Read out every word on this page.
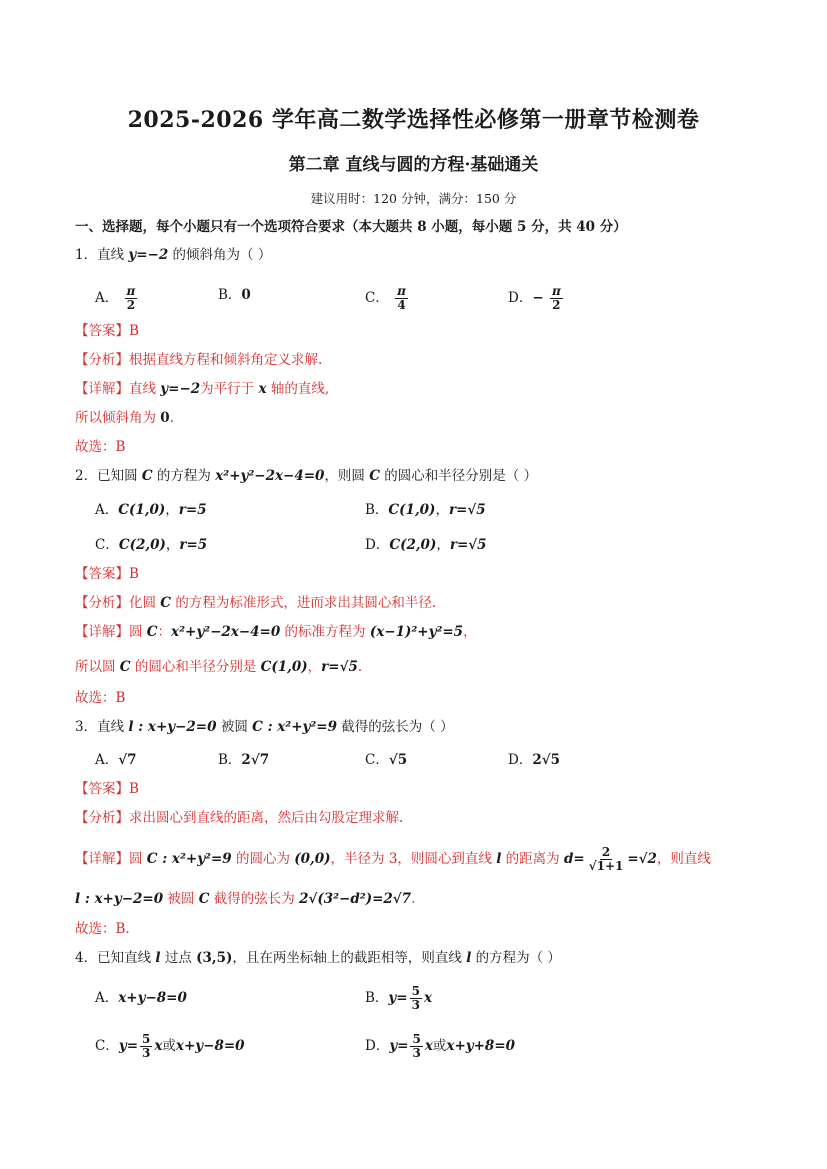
2025-2026 学年高二数学选择性必修第一册章节检测卷
第二章 直线与圆的方程·基础通关
建议用时：120 分钟，满分：150 分
一、选择题，每个小题只有一个选项符合要求（本大题共 8 小题，每小题 5 分，共 40 分）
1．直线 y=−2 的倾斜角为（ ）
A． $\frac{\pi}{2}$	B．0	C． $\frac{\pi}{4}$	D．− $\frac{\pi}{2}$
【答案】B
【分析】根据直线方程和倾斜角定义求解.
【详解】直线 y=−2为平行于 x 轴的直线,
所以倾斜角为 0.
故选：B
2．已知圆 C 的方程为 x²+y²−2x−4=0，则圆 C 的圆心和半径分别是（ ）
A．C(1,0)，r=5	B．C(1,0)，r=√5
C．C(2,0)，r=5	D．C(2,0)，r=√5
【答案】B
【分析】化圆 C 的方程为标准形式，进而求出其圆心和半径.
【详解】圆 C：x²+y²−2x−4=0 的标准方程为 (x−1)²+y²=5，
所以圆 C 的圆心和半径分别是 C(1,0)，r=√5.
故选：B
3．直线 l : x+y−2=0 被圆 C : x²+y²=9 截得的弦长为（ ）
A．√7	B．2√7	C．√5	D．2√5
【答案】B
【分析】求出圆心到直线的距离，然后由勾股定理求解.
【详解】圆 C : x²+y²=9 的圆心为 (0,0)，半径为 3，则圆心到直线 l 的距离为 $d= \frac{2}{√1+1} =√2$，则直线
l : x+y−2=0 被圆 C 截得的弦长为 2√(3²−d²)=2√7.
故选：B.
4．已知直线 l 过点 (3,5)，且在两坐标轴上的截距相等，则直线 l 的方程为（ ）
A．x+y−8=0	B．$y= \frac{5}{3}$ x
C．$y= \frac{5}{3}$ x或x+y−8=0	D．$y= \frac{5}{3}$ x或x+y+8=0
